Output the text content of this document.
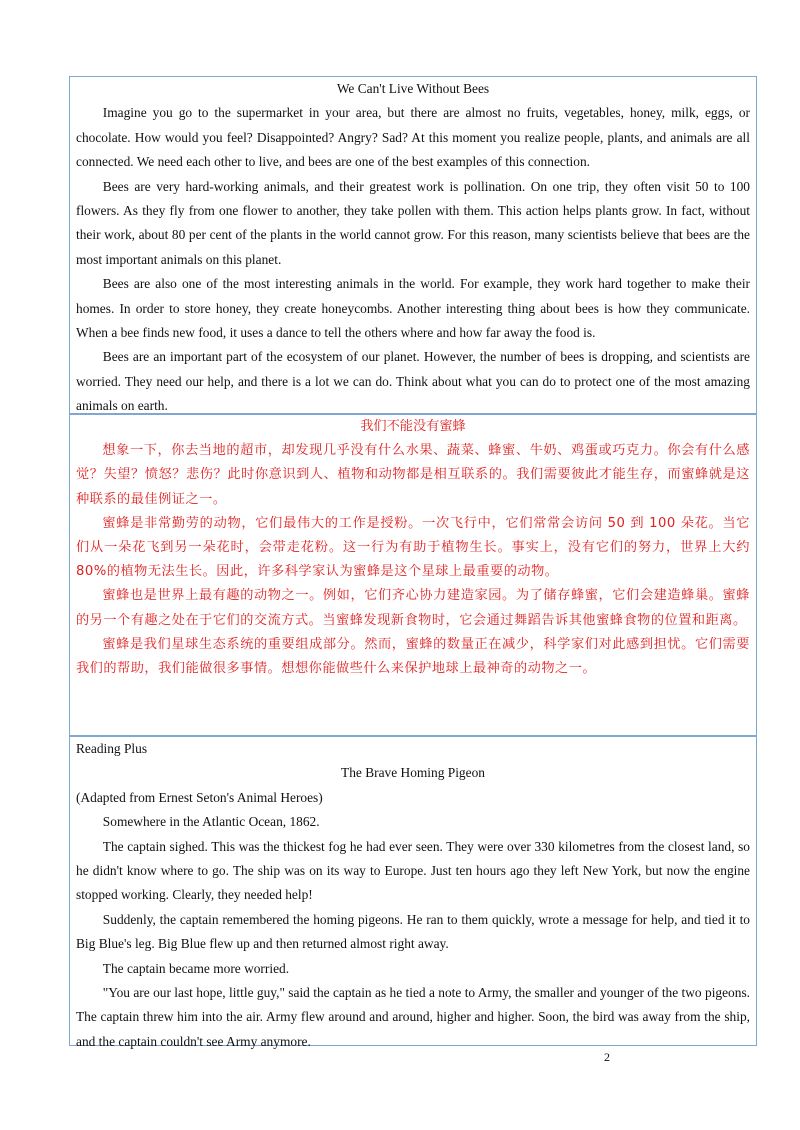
We Can't Live Without Bees

Imagine you go to the supermarket in your area, but there are almost no fruits, vegetables, honey, milk, eggs, or chocolate. How would you feel? Disappointed? Angry? Sad? At this moment you realize people, plants, and animals are all connected. We need each other to live, and bees are one of the best examples of this connection.

Bees are very hard-working animals, and their greatest work is pollination. On one trip, they often visit 50 to 100 flowers. As they fly from one flower to another, they take pollen with them. This action helps plants grow. In fact, without their work, about 80 per cent of the plants in the world cannot grow. For this reason, many scientists believe that bees are the most important animals on this planet.

Bees are also one of the most interesting animals in the world. For example, they work hard together to make their homes. In order to store honey, they create honeycombs. Another interesting thing about bees is how they communicate. When a bee finds new food, it uses a dance to tell the others where and how far away the food is.

Bees are an important part of the ecosystem of our planet. However, the number of bees is dropping, and scientists are worried. They need our help, and there is a lot we can do. Think about what you can do to protect one of the most amazing animals on earth.

我们不能没有蜜蜂

想象一下，你去当地的超市，却发现几乎没有什么水果、蔬菜、蜂蜜、牛奶、鸡蛋或巧克力。你会有什么感觉？失望？愤怒？悲伤？此时你意识到人、植物和动物都是相互联系的。我们需要彼此才能生存，而蜜蜂就是这种联系的最佳例证之一。

蜜蜂是非常勤劳的动物，它们最伟大的工作是授粉。一次飞行中，它们常常会访问 50 到 100 朵花。当它们从一朵花飞到另一朵花时，会带走花粉。这一行为有助于植物生长。事实上，没有它们的努力，世界上大约 80%的植物无法生长。因此，许多科学家认为蜜蜂是这个星球上最重要的动物。

蜜蜂也是世界上最有趣的动物之一。例如，它们齐心协力建造家园。为了储存蜂蜜，它们会建造蜂巢。蜜蜂的另一个有趣之处在于它们的交流方式。当蜜蜂发现新食物时，它会通过舞蹈告诉其他蜜蜂食物的位置和距离。

蜜蜂是我们星球生态系统的重要组成部分。然而，蜜蜂的数量正在减少，科学家们对此感到担忧。它们需要我们的帮助，我们能做很多事情。想想你能做些什么来保护地球上最神奇的动物之一。

Reading Plus

The Brave Homing Pigeon

(Adapted from Ernest Seton's Animal Heroes)

Somewhere in the Atlantic Ocean, 1862.

The captain sighed. This was the thickest fog he had ever seen. They were over 330 kilometres from the closest land, so he didn't know where to go. The ship was on its way to Europe. Just ten hours ago they left New York, but now the engine stopped working. Clearly, they needed help!

Suddenly, the captain remembered the homing pigeons. He ran to them quickly, wrote a message for help, and tied it to Big Blue's leg. Big Blue flew up and then returned almost right away.

The captain became more worried.

"You are our last hope, little guy," said the captain as he tied a note to Army, the smaller and younger of the two pigeons. The captain threw him into the air. Army flew around and around, higher and higher. Soon, the bird was away from the ship, and the captain couldn't see Army anymore.

2
